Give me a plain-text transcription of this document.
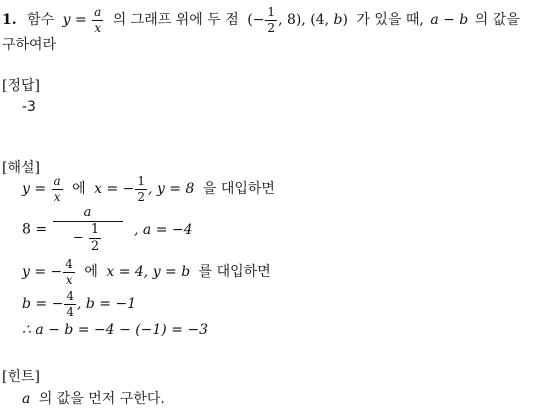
1. 함수 $y = \frac{a}{x}$ 의 그래프 위에 두 점 (− $\frac{1}{2}$ , 8), (4, b) 가 있을 때, a − b 의 값을
구하여라
[정답]
-3
[해설]
$y = \frac{a}{x}$ 에 x = − $\frac{1}{2}$ , y = 8 을 대입하면
$8 = \frac{a}{- \frac{1}{2}}$ , a = −4
y = − $\frac{4}{x}$ 에 x = 4, y = b 를 대입하면
b = − $\frac{4}{4}$ , b = −1
∴ a − b = −4 − (−1) = −3
[힌트]
a 의 값을 먼저 구한다.
